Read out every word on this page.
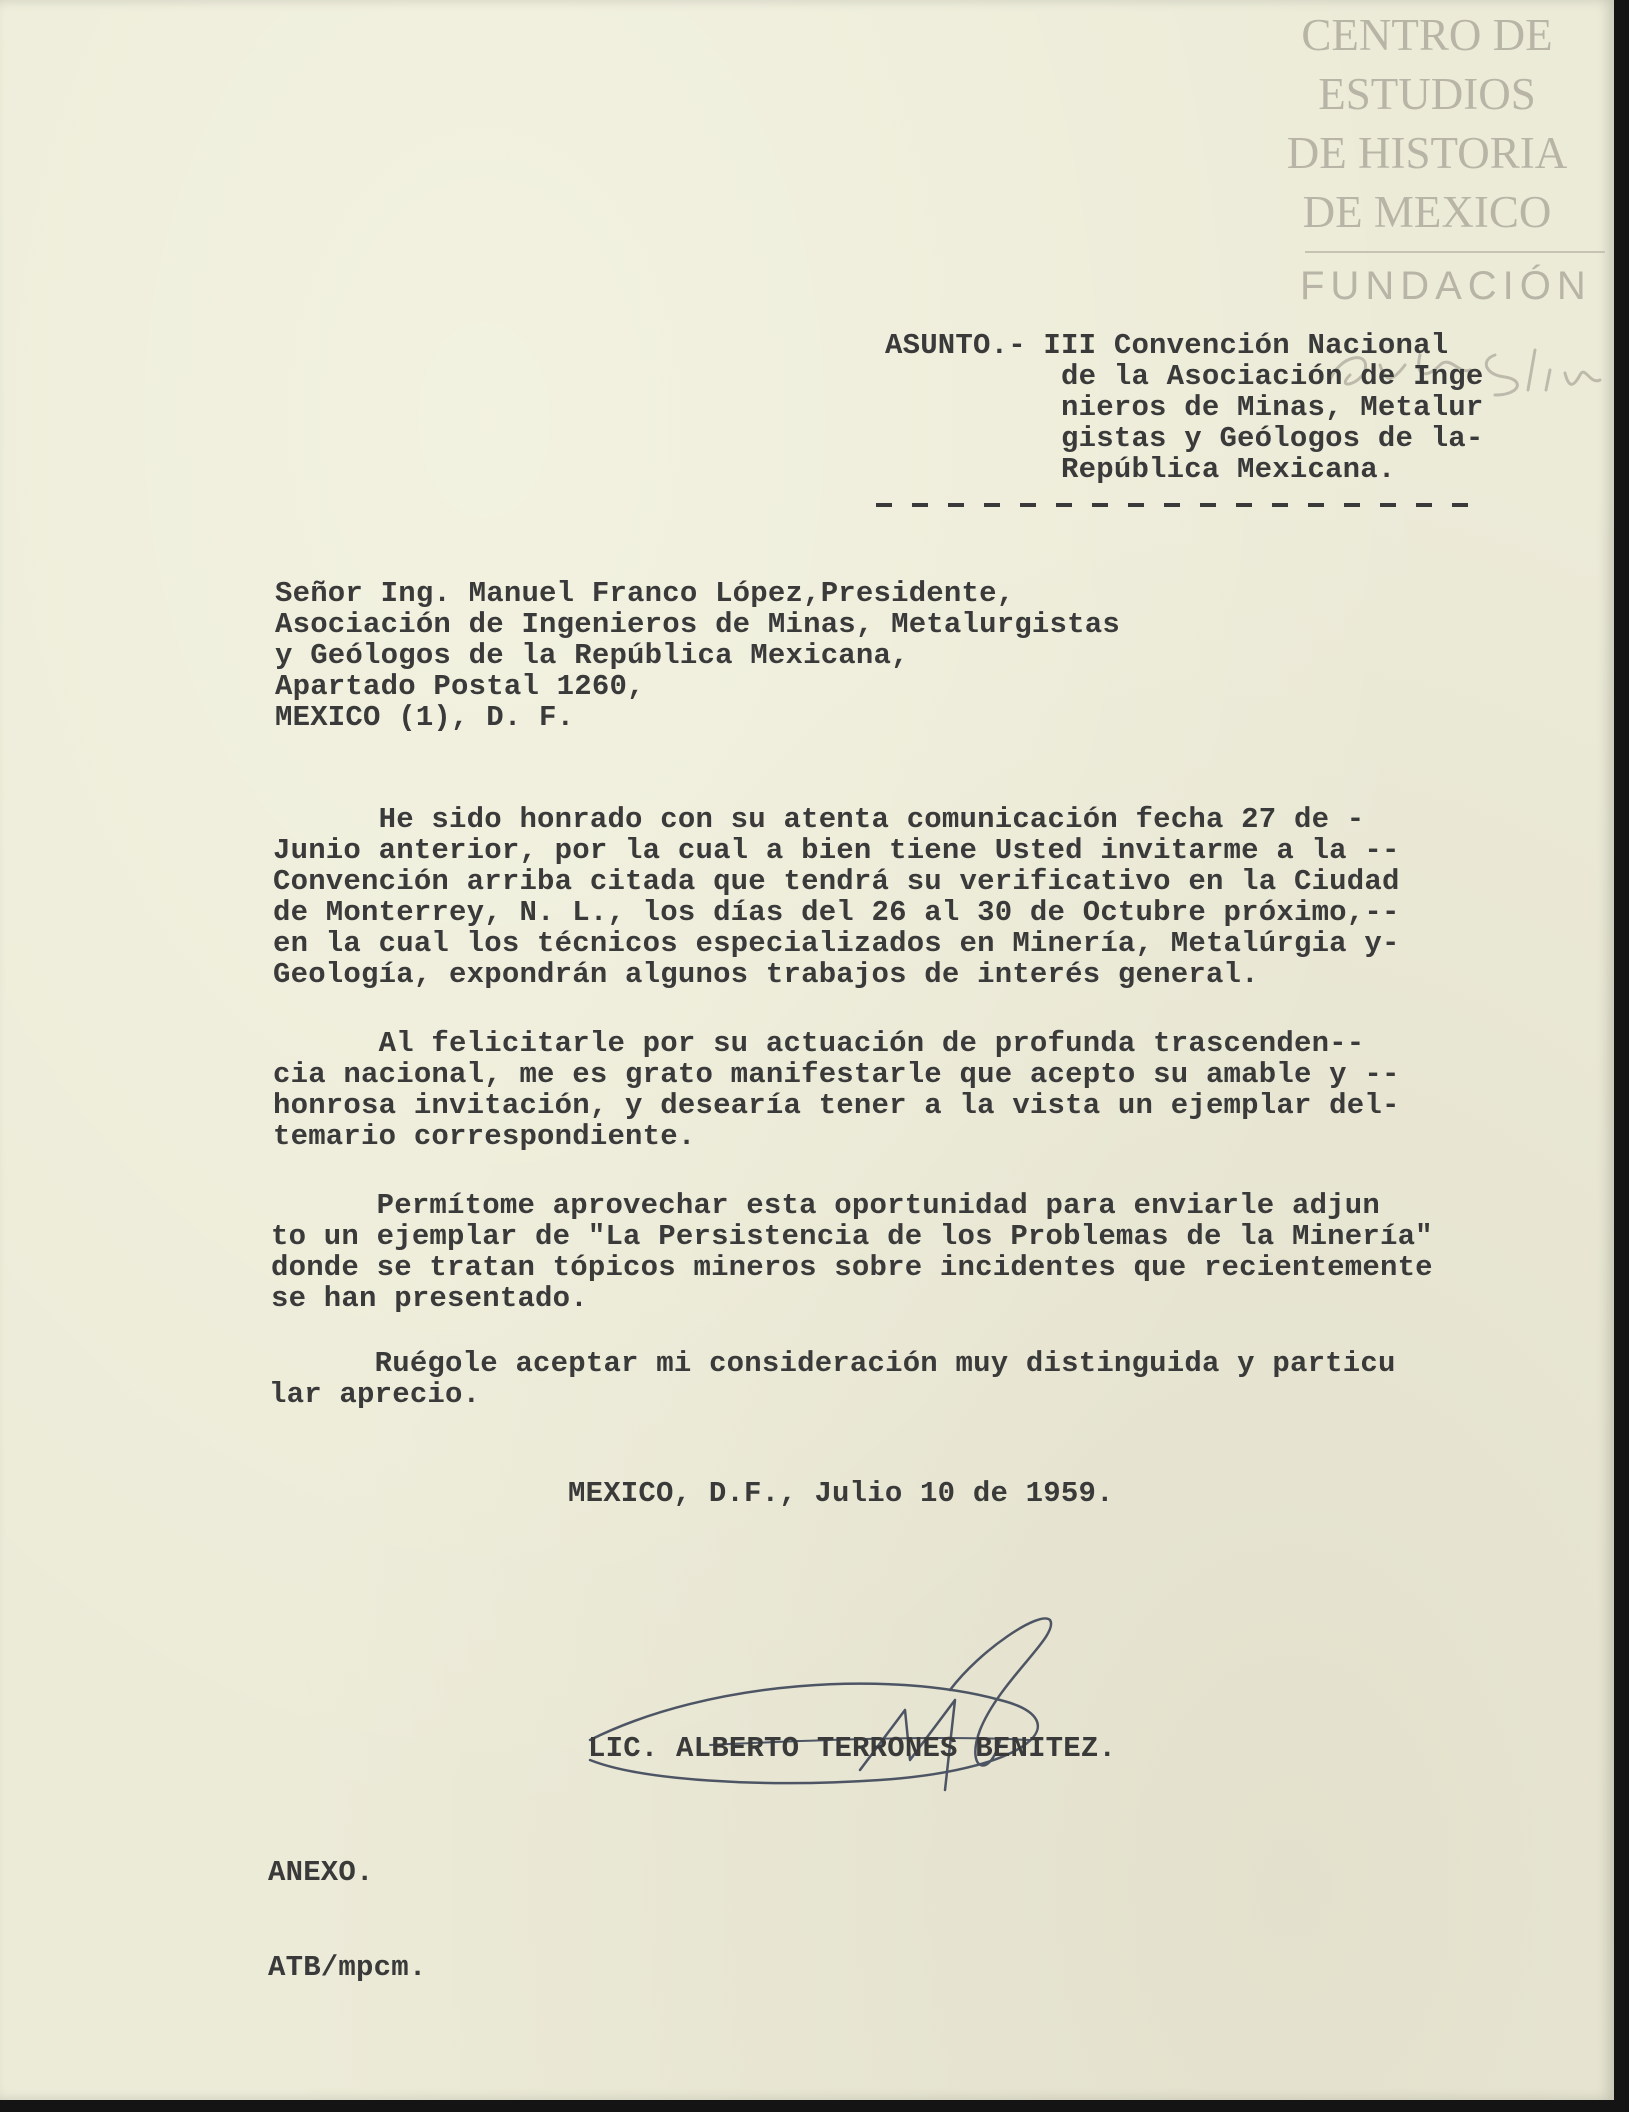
CENTRO DE
ESTUDIOS
DE HISTORIA
DE MEXICO
FUNDACIÓN
ASUNTO.- III Convención Nacional
de la Asociación de Inge
nieros de Minas, Metalur
gistas y Geólogos de la-
República Mexicana.
Señor Ing. Manuel Franco López,Presidente,
Asociación de Ingenieros de Minas, Metalurgistas
y Geólogos de la República Mexicana,
Apartado Postal 1260,
MEXICO (1), D. F.
He sido honrado con su atenta comunicación fecha 27 de -
Junio anterior, por la cual a bien tiene Usted invitarme a la --
Convención arriba citada que tendrá su verificativo en la Ciudad
de Monterrey, N. L., los días del 26 al 30 de Octubre próximo,--
en la cual los técnicos especializados en Minería, Metalúrgia y-
Geología, expondrán algunos trabajos de interés general.
Al felicitarle por su actuación de profunda trascenden--
cia nacional, me es grato manifestarle que acepto su amable y --
honrosa invitación, y desearía tener a la vista un ejemplar del-
temario correspondiente.
Permítome aprovechar esta oportunidad para enviarle adjun
to un ejemplar de "La Persistencia de los Problemas de la Minería"
donde se tratan tópicos mineros sobre incidentes que recientemente
se han presentado.
Ruégole aceptar mi consideración muy distinguida y particu
lar aprecio.
MEXICO, D.F., Julio 10 de 1959.
LIC. ALBERTO TERRONES BENITEZ.
ANEXO.
ATB/mpcm.
